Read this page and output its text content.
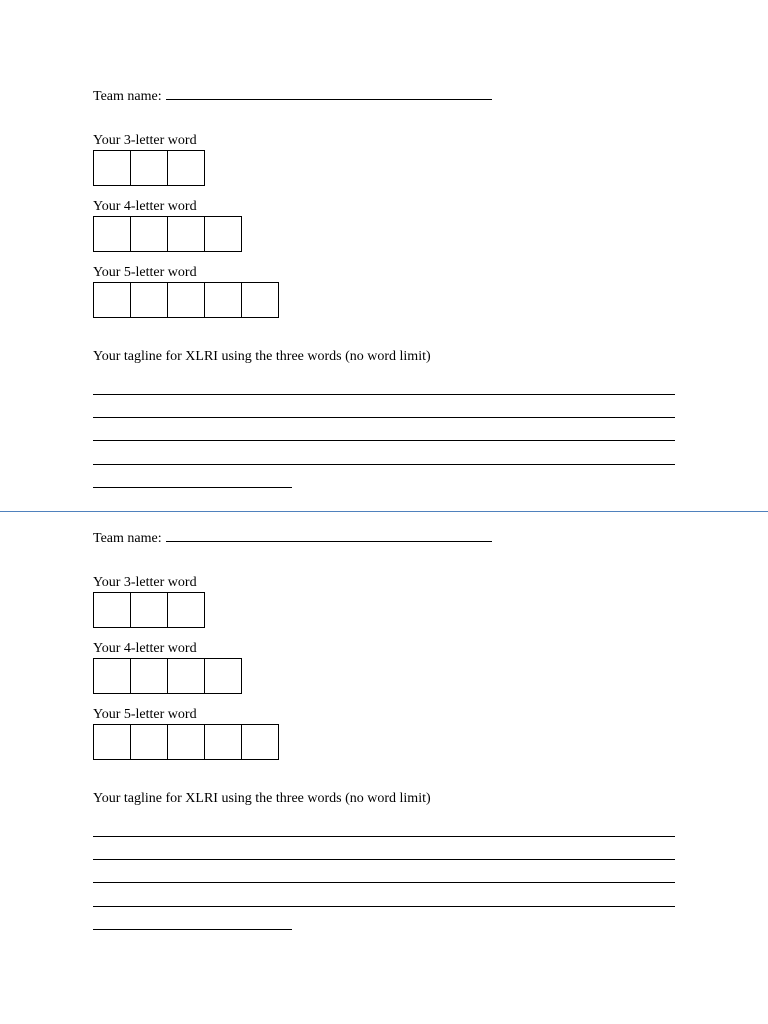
Team name:
Your 3-letter word
Your 4-letter word
Your 5-letter word
Your tagline for XLRI using the three words (no word limit)
Team name:
Your 3-letter word
Your 4-letter word
Your 5-letter word
Your tagline for XLRI using the three words (no word limit)
